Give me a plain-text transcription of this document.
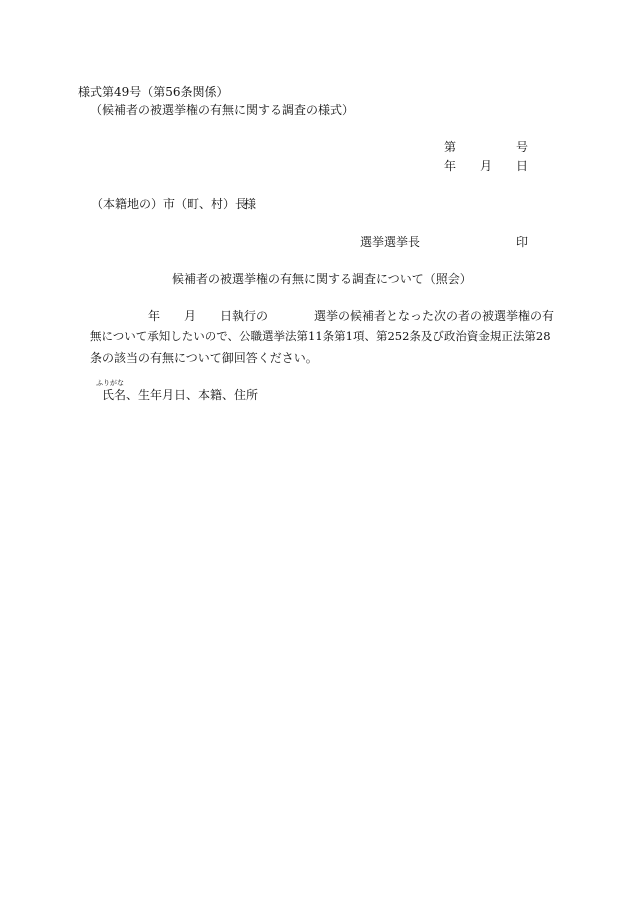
様式第49号（第56条関係）
（候補者の被選挙権の有無に関する調査の様式）
第	号
年 月 日
（本籍地の）市（町、村）長
様
選挙選挙長	印
候補者の被選挙権の有無に関する調査について（照会）
年 月 日執行の	選挙の候補者となった次の者の被選挙権の有
無について承知したいので、公職選挙法第11条第1項、第252条及び政治資金規正法第28
条の該当の有無について御回答ください。
ふりがな
氏名、生年月日、本籍、住所
